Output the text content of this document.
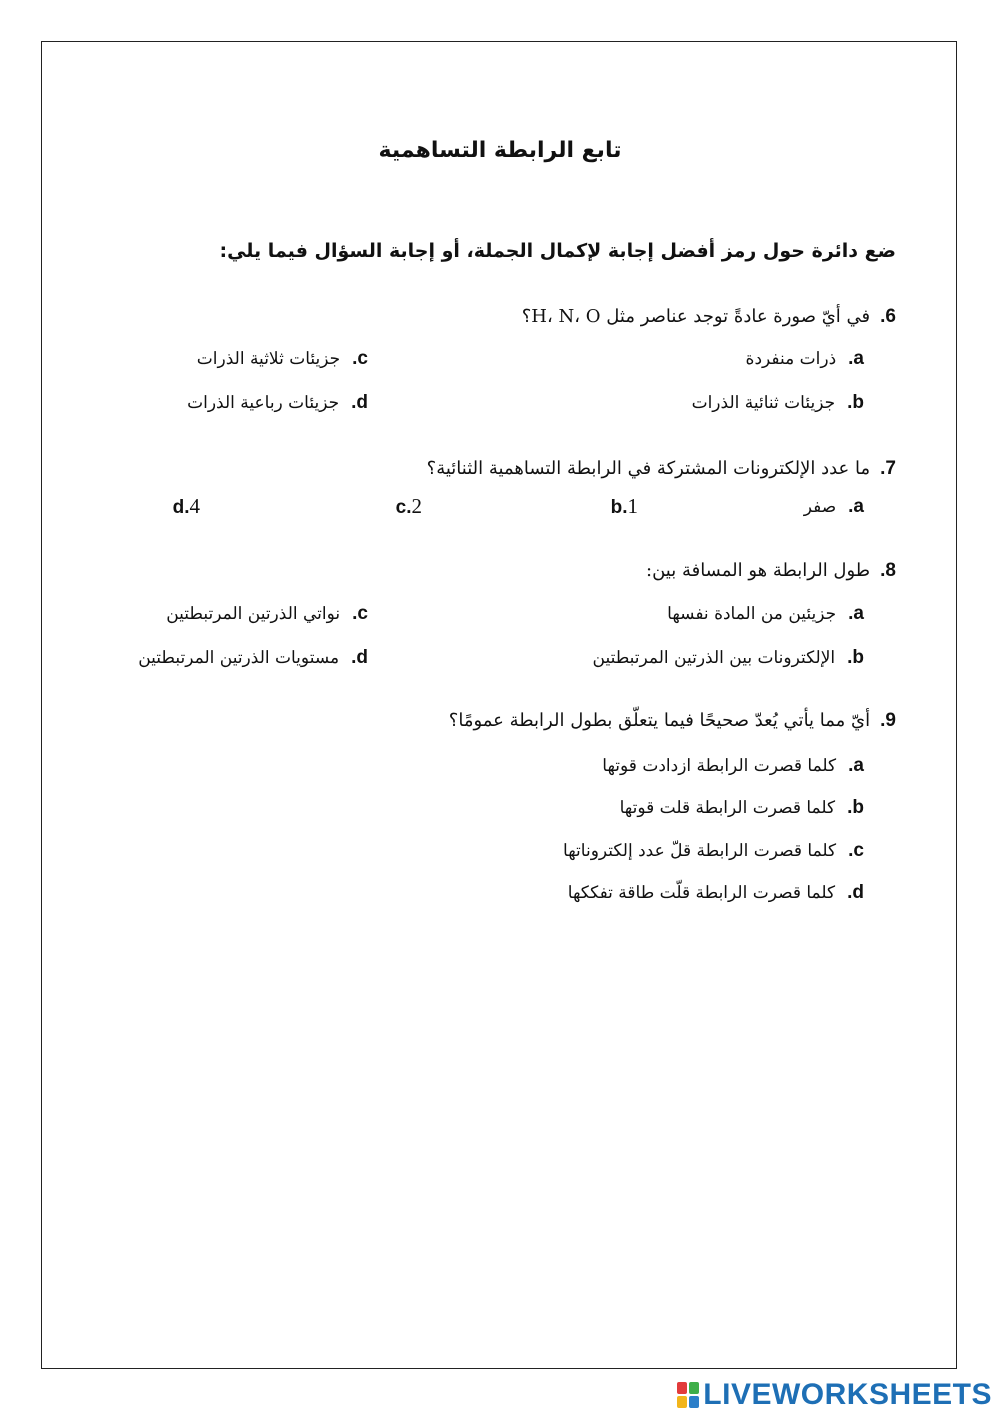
تابع الرابطة التساهمية
ضع دائرة حول رمز أفضل إجابة لإكمال الجملة، أو إجابة السؤال فيما يلي:
6.في أيّ صورة عادةً توجد عناصر مثل H، N، O؟
a.ذرات منفردة
b.جزيئات ثنائية الذرات
c.جزيئات ثلاثية الذرات
d.جزيئات رباعية الذرات
7.ما عدد الإلكترونات المشتركة في الرابطة التساهمية الثنائية؟
a.صفر
b.1
c.2
d.4
8.طول الرابطة هو المسافة بين:
a.جزيئين من المادة نفسها
b.الإلكترونات بين الذرتين المرتبطتين
c.نواتي الذرتين المرتبطتين
d.مستويات الذرتين المرتبطتين
9.أيّ مما يأتي يُعدّ صحيحًا فيما يتعلّق بطول الرابطة عمومًا؟
a.كلما قصرت الرابطة ازدادت قوتها
b.كلما قصرت الرابطة قلت قوتها
c.كلما قصرت الرابطة قلّ عدد إلكتروناتها
d.كلما قصرت الرابطة قلّت طاقة تفككها
LIVEWORKSHEETS
